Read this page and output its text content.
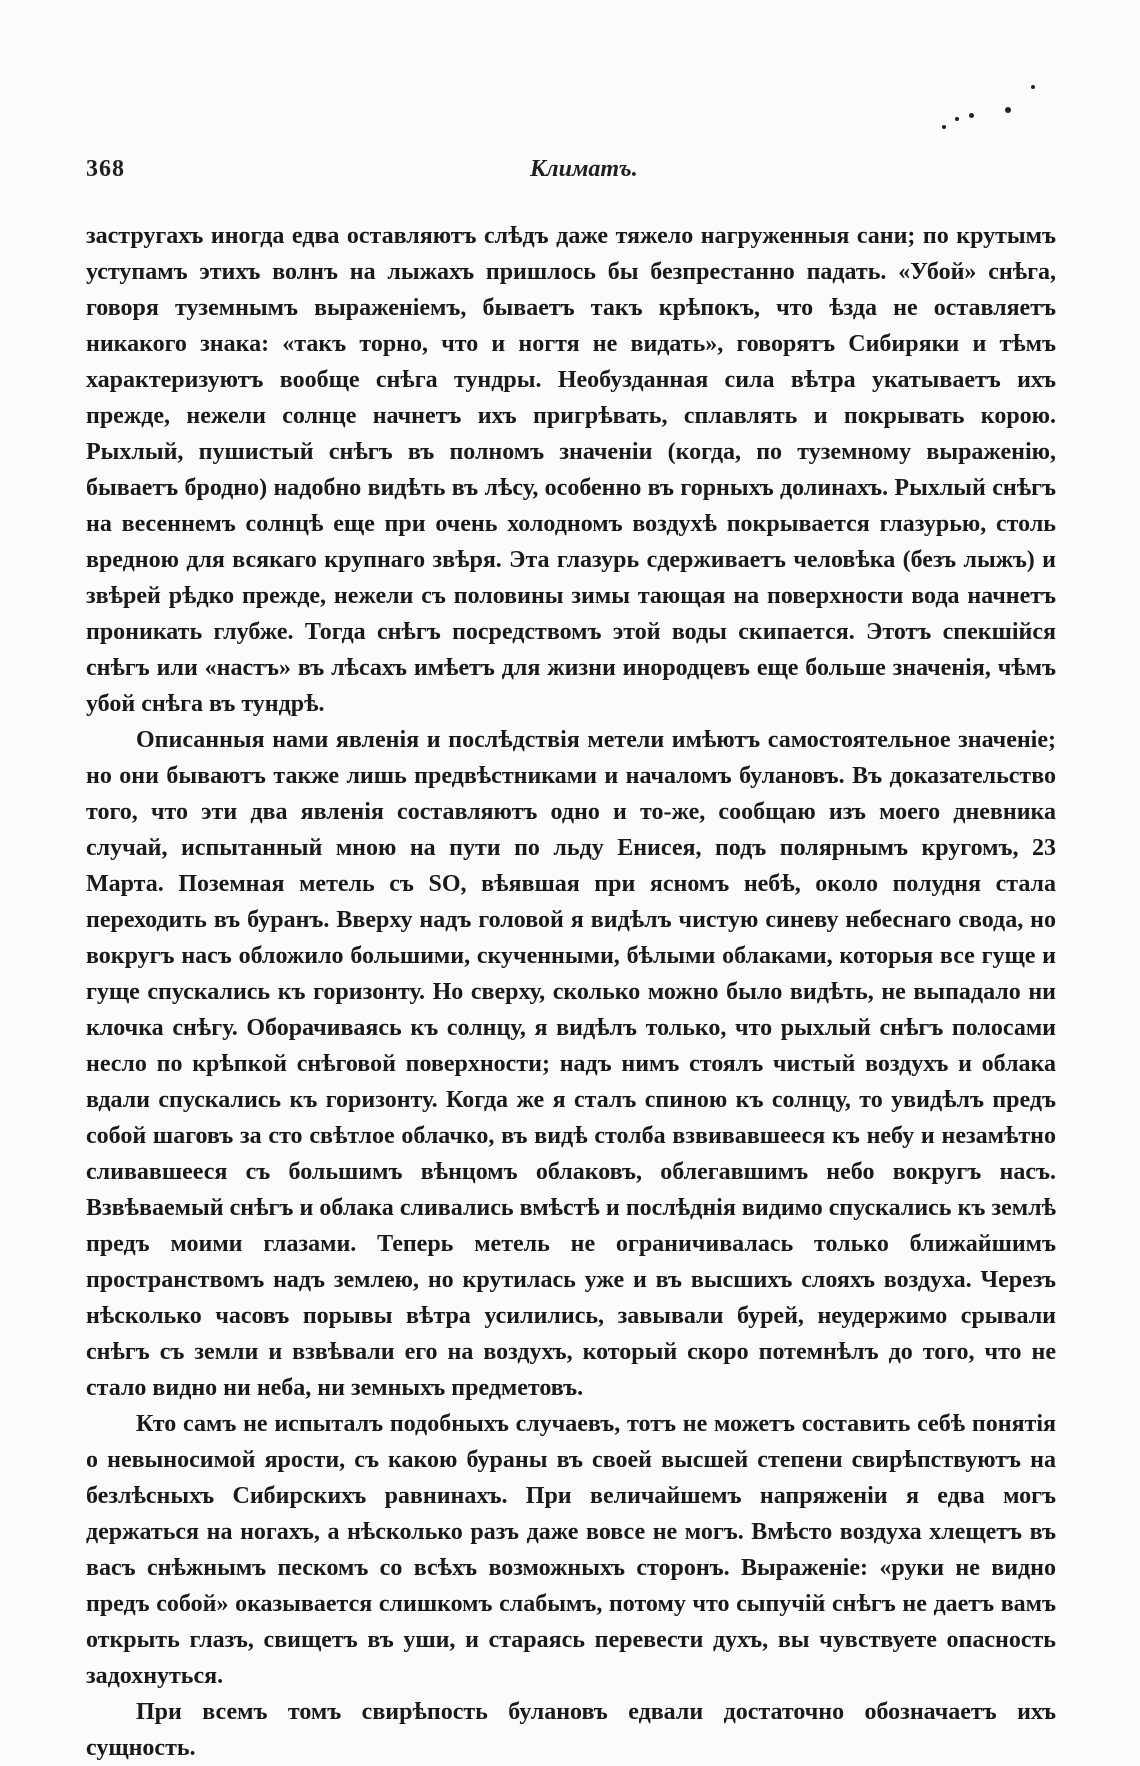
368	Климатъ.

застругахъ иногда едва оставляютъ слѣдъ даже тяжело нагруженныя сани; по крутымъ уступамъ этихъ волнъ на лыжахъ пришлось бы безпрестанно падать. «Убой» снѣга, говоря туземнымъ выраженіемъ, бываетъ такъ крѣпокъ, что ѣзда не оставляетъ никакого знака: «такъ торно, что и ногтя не видать», говорятъ Сибиряки и тѣмъ характеризуютъ вообще снѣга тундры. Необузданная сила вѣтра укатываетъ ихъ прежде, нежели солнце начнетъ ихъ пригрѣвать, сплавлять и покрывать корою. Рыхлый, пушистый снѣгъ въ полномъ значеніи (когда, по туземному выраженію, бываетъ бродно) надобно видѣть въ лѣсу, особенно въ горныхъ долинахъ. Рыхлый снѣгъ на весеннемъ солнцѣ еще при очень холодномъ воздухѣ покрывается глазурью, столь вредною для всякаго крупнаго звѣря. Эта глазурь сдерживаетъ человѣка (безъ лыжъ) и звѣрей рѣдко прежде, нежели съ половины зимы тающая на поверхности вода начнетъ проникать глубже. Тогда снѣгъ посредствомъ этой воды скипается. Этотъ спекшійся снѣгъ или «настъ» въ лѣсахъ имѣетъ для жизни инородцевъ еще больше значенія, чѣмъ убой снѣга въ тундрѣ.

Описанныя нами явленія и послѣдствія метели имѣютъ самостоятельное значеніе; но они бываютъ также лишь предвѣстниками и началомъ булановъ. Въ доказательство того, что эти два явленія составляютъ одно и то-же, сообщаю изъ моего дневника случай, испытанный мною на пути по льду Енисея, подъ полярнымъ кругомъ, 23 Марта. Поземная метель съ SO, вѣявшая при ясномъ небѣ, около полудня стала переходить въ буранъ. Вверху надъ головой я видѣлъ чистую синеву небеснаго свода, но вокругъ насъ обложило большими, скученными, бѣлыми облаками, которыя все гуще и гуще спускались къ горизонту. Но сверху, сколько можно было видѣть, не выпадало ни клочка снѣгу. Оборачиваясь къ солнцу, я видѣлъ только, что рыхлый снѣгъ полосами несло по крѣпкой снѣговой поверхности; надъ нимъ стоялъ чистый воздухъ и облака вдали спускались къ горизонту. Когда же я сталъ спиною къ солнцу, то увидѣлъ предъ собой шаговъ за сто свѣтлое облачко, въ видѣ столба взвивавшееся къ небу и незамѣтно сливавшееся съ большимъ вѣнцомъ облаковъ, облегавшимъ небо вокругъ насъ. Взвѣваемый снѣгъ и облака сливались вмѣстѣ и послѣднія видимо спускались къ землѣ предъ моими глазами. Теперь метель не ограничивалась только ближайшимъ пространствомъ надъ землею, но крутилась уже и въ высшихъ слояхъ воздуха. Черезъ нѣсколько часовъ порывы вѣтра усилились, завывали бурей, неудержимо срывали снѣгъ съ земли и взвѣвали его на воздухъ, который скоро потемнѣлъ до того, что не стало видно ни неба, ни земныхъ предметовъ.

Кто самъ не испыталъ подобныхъ случаевъ, тотъ не можетъ составить себѣ понятія о невыносимой ярости, съ какою бураны въ своей высшей степени свирѣпствуютъ на безлѣсныхъ Сибирскихъ равнинахъ. При величайшемъ напряженіи я едва могъ держаться на ногахъ, а нѣсколько разъ даже вовсе не могъ. Вмѣсто воздуха хлещетъ въ васъ снѣжнымъ пескомъ со всѣхъ возможныхъ сторонъ. Выраженіе: «руки не видно предъ собой» оказывается слишкомъ слабымъ, потому что сыпучій снѣгъ не даетъ вамъ открыть глазъ, свищетъ въ уши, и стараясь перевести духъ, вы чувствуете опасность задохнуться.

При всемъ томъ свирѣпость булановъ едвали достаточно обозначаетъ ихъ сущность.
